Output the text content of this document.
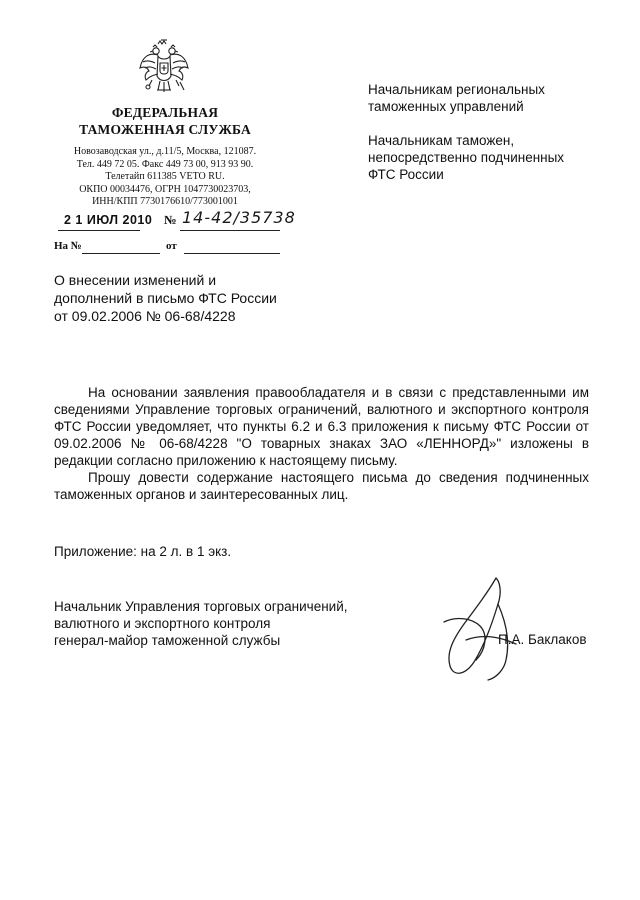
ФЕДЕРАЛЬНАЯ
ТАМОЖЕННАЯ СЛУЖБА
Новозаводская ул., д.11/5, Москва, 121087.
Тел. 449 72 05. Факс 449 73 00, 913 93 90.
Телетайп 611385 VETO RU.
ОКПО 00034476, ОГРН 1047730023703,
ИНН/КПП 7730176610/773001001
2 1 ИЮЛ 2010 № 14-42/35738
На №	от
Начальникам региональных
таможенных управлений
Начальникам таможен,
непосредственно подчиненных
ФТС России
О внесении изменений и
дополнений в письмо ФТС России
от 09.02.2006 № 06-68/4228

На основании заявления правообладателя и в связи с представленными им сведениями Управление торговых ограничений, валютного и экспортного контроля ФТС России уведомляет, что пункты 6.2 и 6.3 приложения к письму ФТС России от 09.02.2006 № 06-68/4228 "О товарных знаках ЗАО «ЛЕННОРД»" изложены в редакции согласно приложению к настоящему письму.

Прошу довести содержание настоящего письма до сведения подчиненных таможенных органов и заинтересованных лиц.

Приложение: на 2 л. в 1 экз.
Начальник Управления торговых ограничений,
валютного и экспортного контроля
генерал-майор таможенной службы	П.А. Баклаков
